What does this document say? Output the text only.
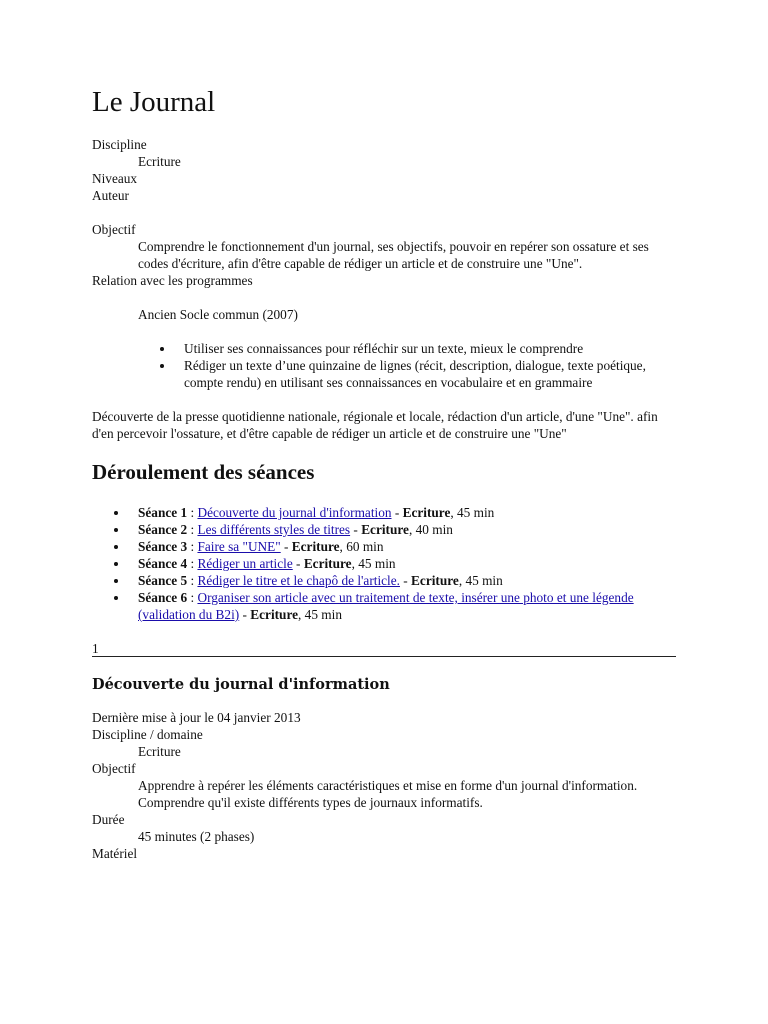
Le Journal
Discipline
Ecriture
Niveaux
Auteur
Objectif
Comprendre le fonctionnement d'un journal, ses objectifs, pouvoir en repérer son ossature et ses codes d'écriture, afin d'être capable de rédiger un article et de construire une "Une".
Relation avec les programmes
Ancien Socle commun (2007)
Utiliser ses connaissances pour réfléchir sur un texte, mieux le comprendre
Rédiger un texte d’une quinzaine de lignes (récit, description, dialogue, texte poétique, compte rendu) en utilisant ses connaissances en vocabulaire et en grammaire

Découverte de la presse quotidienne nationale, régionale et locale, rédaction d'un article, d'une "Une". afin d'en percevoir l'ossature, et d'être capable de rédiger un article et de construire une "Une"

Déroulement des séances
Séance 1 : Découverte du journal d'information - Ecriture, 45 min
Séance 2 : Les différents styles de titres - Ecriture, 40 min
Séance 3 : Faire sa "UNE" - Ecriture, 60 min
Séance 4 : Rédiger un article - Ecriture, 45 min
Séance 5 : Rédiger le titre et le chapô de l'article. - Ecriture, 45 min
Séance 6 : Organiser son article avec un traitement de texte, insérer une photo et une légende (validation du B2i) - Ecriture, 45 min
1
Découverte du journal d'information
Dernière mise à jour le 04 janvier 2013
Discipline / domaine
Ecriture
Objectif
Apprendre à repérer les éléments caractéristiques et mise en forme d'un journal d'information. Comprendre qu'il existe différents types de journaux informatifs.
Durée
45 minutes (2 phases)
Matériel
